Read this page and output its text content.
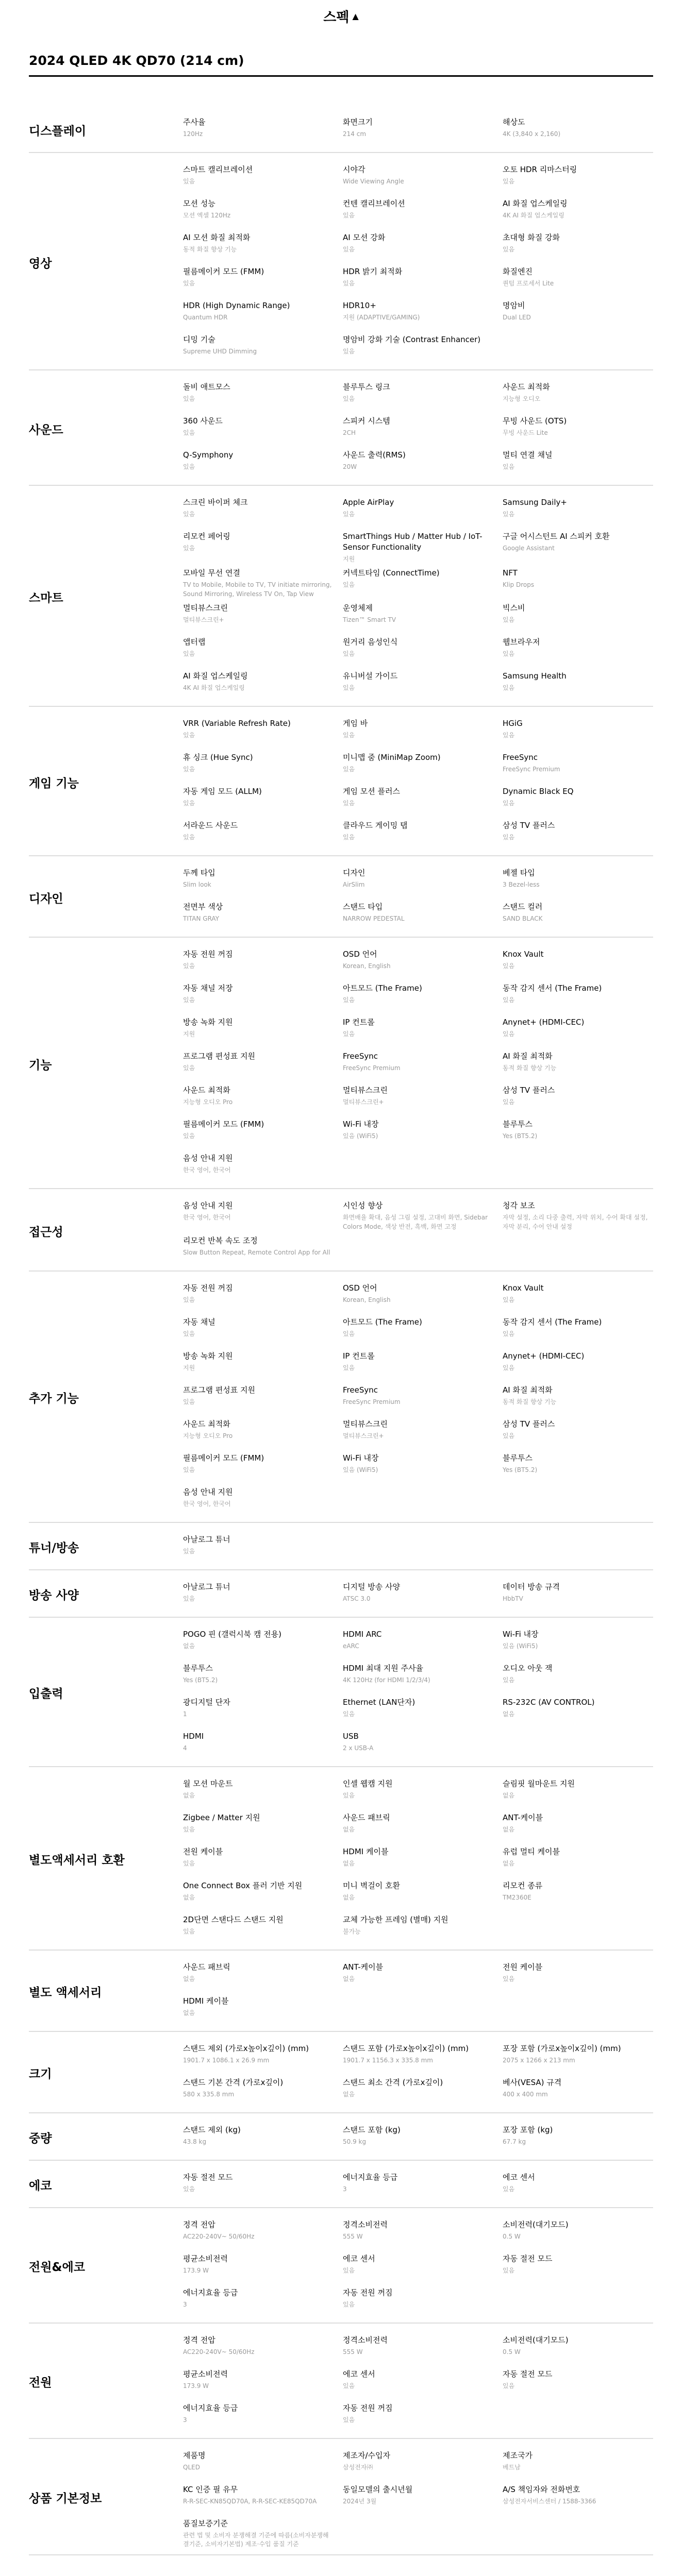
스펙 ▲
2024 QLED 4K QD70 (214 cm)
디스플레이
주사율
120Hz
화면크기
214 cm
해상도
4K (3,840 x 2,160)
영상
스마트 캘리브레이션
있음
시야각
Wide Viewing Angle
오토 HDR 리마스터링
있음
모션 성능
모션 엑셀 120Hz
컨텐 캘리브레이션
있음
AI 화질 업스케일링
4K AI 화질 업스케일링
AI 모션 화질 최적화
동적 화질 향상 기능
AI 모션 강화
있음
초대형 화질 강화
있음
필름메이커 모드 (FMM)
있음
HDR 밝기 최적화
있음
화질엔진
퀀텀 프로세서 Lite
HDR (High Dynamic Range)
Quantum HDR
HDR10+
지원 (ADAPTIVE/GAMING)
명암비
Dual LED
디밍 기술
Supreme UHD Dimming
명암비 강화 기술 (Contrast Enhancer)
있음
사운드
돌비 애트모스
있음
블루투스 링크
있음
사운드 최적화
지능형 오디오
360 사운드
있음
스피커 시스템
2CH
무빙 사운드 (OTS)
무빙 사운드 Lite
Q-Symphony
있음
사운드 출력(RMS)
20W
멀티 연결 채널
있음
스마트
스크린 바이퍼 체크
있음
Apple AirPlay
있음
Samsung Daily+
있음
리모컨 페어링
있음
SmartThings Hub / Matter Hub / IoT-Sensor Functionality
지원
구글 어시스턴트 AI 스피커 호환
Google Assistant
모바일 무선 연결
TV to Mobile, Mobile to TV, TV initiate mirroring, Sound Mirroring, Wireless TV On, Tap View
커넥트타임 (ConnectTime)
있음
NFT
Klip Drops
멀티뷰스크린
멀티뷰스크린+
운영체제
Tizen™ Smart TV
빅스비
있음
앱터랩
있음
원거리 음성인식
있음
웹브라우저
있음
AI 화질 업스케일링
4K AI 화질 업스케일링
유니버설 가이드
있음
Samsung Health
있음
게임 기능
VRR (Variable Refresh Rate)
있음
게임 바
있음
HGiG
있음
휴 싱크 (Hue Sync)
있음
미니맵 줌 (MiniMap Zoom)
있음
FreeSync
FreeSync Premium
자동 게임 모드 (ALLM)
있음
게임 모션 플러스
있음
Dynamic Black EQ
있음
서라운드 사운드
있음
클라우드 게이밍 탭
있음
삼성 TV 플러스
있음
디자인
두께 타입
Slim look
디자인
AirSlim
베젤 타입
3 Bezel-less
전면부 색상
TITAN GRAY
스탠드 타입
NARROW PEDESTAL
스탠드 컬러
SAND BLACK
기능
자동 전원 꺼짐
있음
OSD 언어
Korean, English
Knox Vault
있음
자동 채널 저장
있음
아트모드 (The Frame)
있음
동작 감지 센서 (The Frame)
있음
방송 녹화 지원
지원
IP 컨트롤
있음
Anynet+ (HDMI-CEC)
있음
프로그램 편성표 지원
있음
FreeSync
FreeSync Premium
AI 화질 최적화
동적 화질 향상 기능
사운드 최적화
지능형 오디오 Pro
멀티뷰스크린
멀티뷰스크린+
삼성 TV 플러스
있음
필름메이커 모드 (FMM)
있음
Wi-Fi 내장
있음 (WiFi5)
블루투스
Yes (BT5.2)
음성 안내 지원
한국 영어, 한국어
접근성
음성 안내 지원
한국 영어, 한국어
시인성 향상
화면배율 확대, 음성 그림 설정, 고대비 화면, Sidebar Colors Mode, 색상 반전, 흑백, 화면 고정
청각 보조
자막 설정, 소리 다중 출력, 자막 위치, 수어 확대 설정, 자막 분리, 수어 안내 설정
리모컨 반복 속도 조정
Slow Button Repeat, Remote Control App for All
추가 기능
자동 전원 꺼짐
있음
OSD 언어
Korean, English
Knox Vault
있음
자동 채널
있음
아트모드 (The Frame)
있음
동작 감지 센서 (The Frame)
있음
방송 녹화 지원
지원
IP 컨트롤
있음
Anynet+ (HDMI-CEC)
있음
프로그램 편성표 지원
있음
FreeSync
FreeSync Premium
AI 화질 최적화
동적 화질 향상 기능
사운드 최적화
지능형 오디오 Pro
멀티뷰스크린
멀티뷰스크린+
삼성 TV 플러스
있음
필름메이커 모드 (FMM)
있음
Wi-Fi 내장
있음 (WiFi5)
블루투스
Yes (BT5.2)
음성 안내 지원
한국 영어, 한국어
튜너/방송
아날로그 튜너
있음
방송 사양
아날로그 튜너
있음
디지털 방송 사양
ATSC 3.0
데이터 방송 규격
HbbTV
입출력
POGO 핀 (갤럭시북 캠 전용)
없음
HDMI ARC
eARC
Wi-Fi 내장
있음 (WiFi5)
블루투스
Yes (BT5.2)
HDMI 최대 지원 주사율
4K 120Hz (for HDMI 1/2/3/4)
오디오 아웃 잭
있음
광디지털 단자
1
Ethernet (LAN단자)
있음
RS-232C (AV CONTROL)
없음
HDMI
4
USB
2 x USB-A
별도액세서리 호환
월 모션 마운트
없음
인셀 웹캠 지원
있음
슬림핏 월마운트 지원
없음
Zigbee / Matter 지원
있음
사운드 패브릭
없음
ANT-케이블
없음
전원 케이블
있음
HDMI 케이블
없음
유럽 멀티 케이블
없음
One Connect Box 플러 기반 지원
없음
미니 벽걸이 호환
없음
리모컨 종류
TM2360E
2D단면 스탠다드 스탠드 지원
있음
교체 가능한 프레임 (별매) 지원
불가능
별도 액세서리
사운드 패브릭
없음
ANT-케이블
없음
전원 케이블
있음
HDMI 케이블
없음
크기
스탠드 제외 (가로x높이x깊이) (mm)
1901.7 x 1086.1 x 26.9 mm
스탠드 포함 (가로x높이x깊이) (mm)
1901.7 x 1156.3 x 335.8 mm
포장 포함 (가로x높이x깊이) (mm)
2075 x 1266 x 213 mm
스탠드 기본 간격 (가로x깊이)
580 x 335.8 mm
스탠드 최소 간격 (가로x깊이)
없음
베사(VESA) 규격
400 x 400 mm
중량
스탠드 제외 (kg)
43.8 kg
스탠드 포함 (kg)
50.9 kg
포장 포함 (kg)
67.7 kg
에코
자동 절전 모드
있음
에너지효율 등급
3
에코 센서
있음
전원&에코
정격 전압
AC220-240V~ 50/60Hz
정격소비전력
555 W
소비전력(대기모드)
0.5 W
평균소비전력
173.9 W
에코 센서
있음
자동 절전 모드
있음
에너지효율 등급
3
자동 전원 꺼짐
있음
전원
정격 전압
AC220-240V~ 50/60Hz
정격소비전력
555 W
소비전력(대기모드)
0.5 W
평균소비전력
173.9 W
에코 센서
있음
자동 절전 모드
있음
에너지효율 등급
3
자동 전원 꺼짐
있음
상품 기본정보
제품명
QLED
제조자/수입자
삼성전자㈜
제조국가
베트남
KC 인증 필 유무
R-R-SEC-KN85QD70A, R-R-SEC-KE85QD70A
동일모델의 출시년월
2024년 3월
A/S 책임자와 전화번호
삼성전자서비스센터 / 1588-3366
품질보증기준
관련 법 및 소비자 분쟁해결 기준에 따름(소비자분쟁해결기준, 소비자기본법) 제조·수입 품질 기준
